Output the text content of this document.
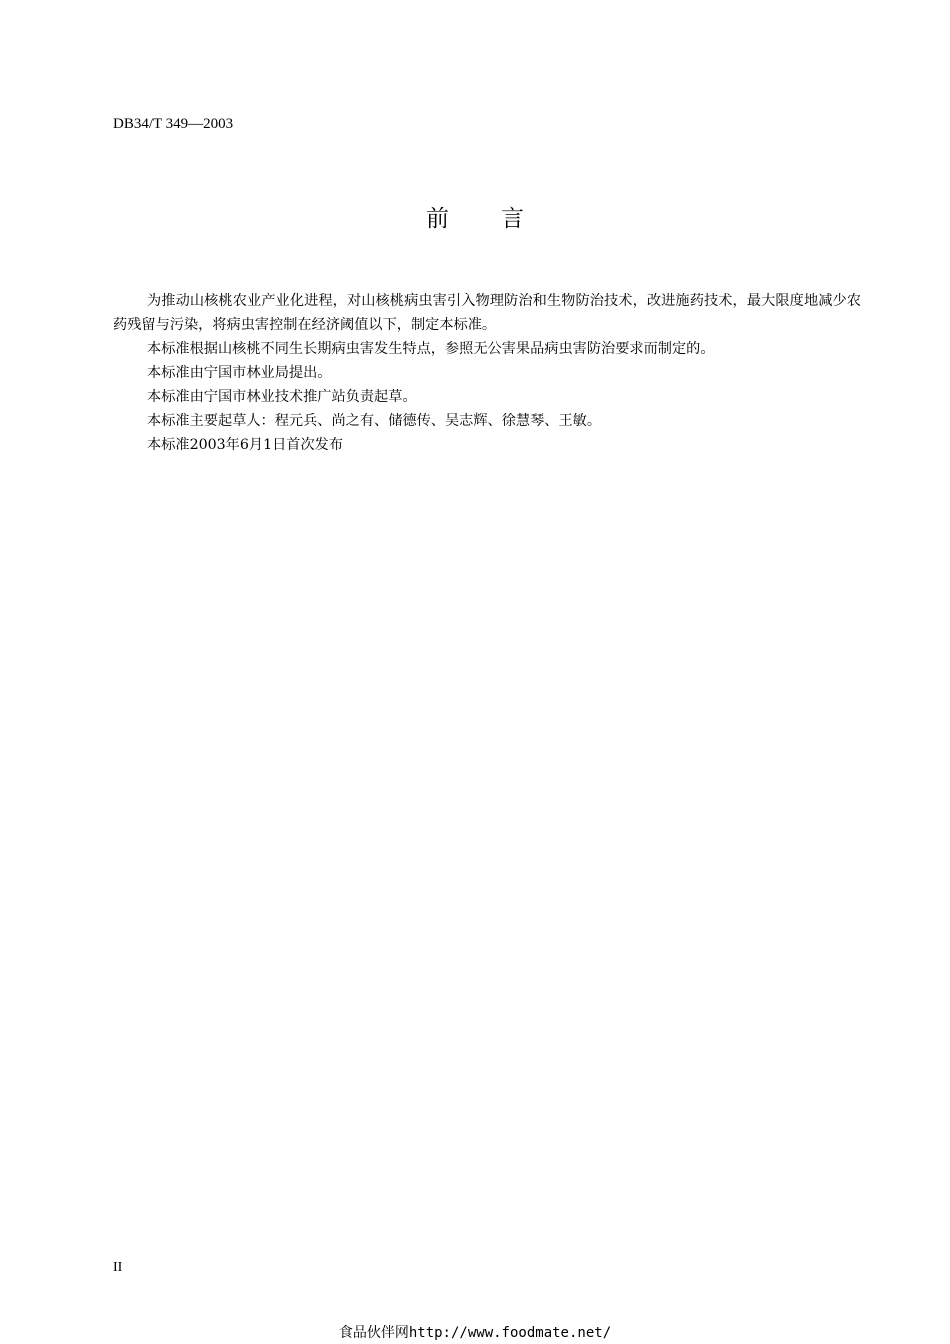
DB34/T 349—2003
前 言

为推动山核桃农业产业化进程，对山核桃病虫害引入物理防治和生物防治技术，改进施药技术，最大限度地减少农药残留与污染，将病虫害控制在经济阈值以下，制定本标准。

本标准根据山核桃不同生长期病虫害发生特点，参照无公害果品病虫害防治要求而制定的。

本标准由宁国市林业局提出。

本标准由宁国市林业技术推广站负责起草。

本标准主要起草人：程元兵、尚之有、储德传、吴志辉、徐慧琴、王敏。

本标准2003年6月1日首次发布

II
食品伙伴网http://www.foodmate.net/
